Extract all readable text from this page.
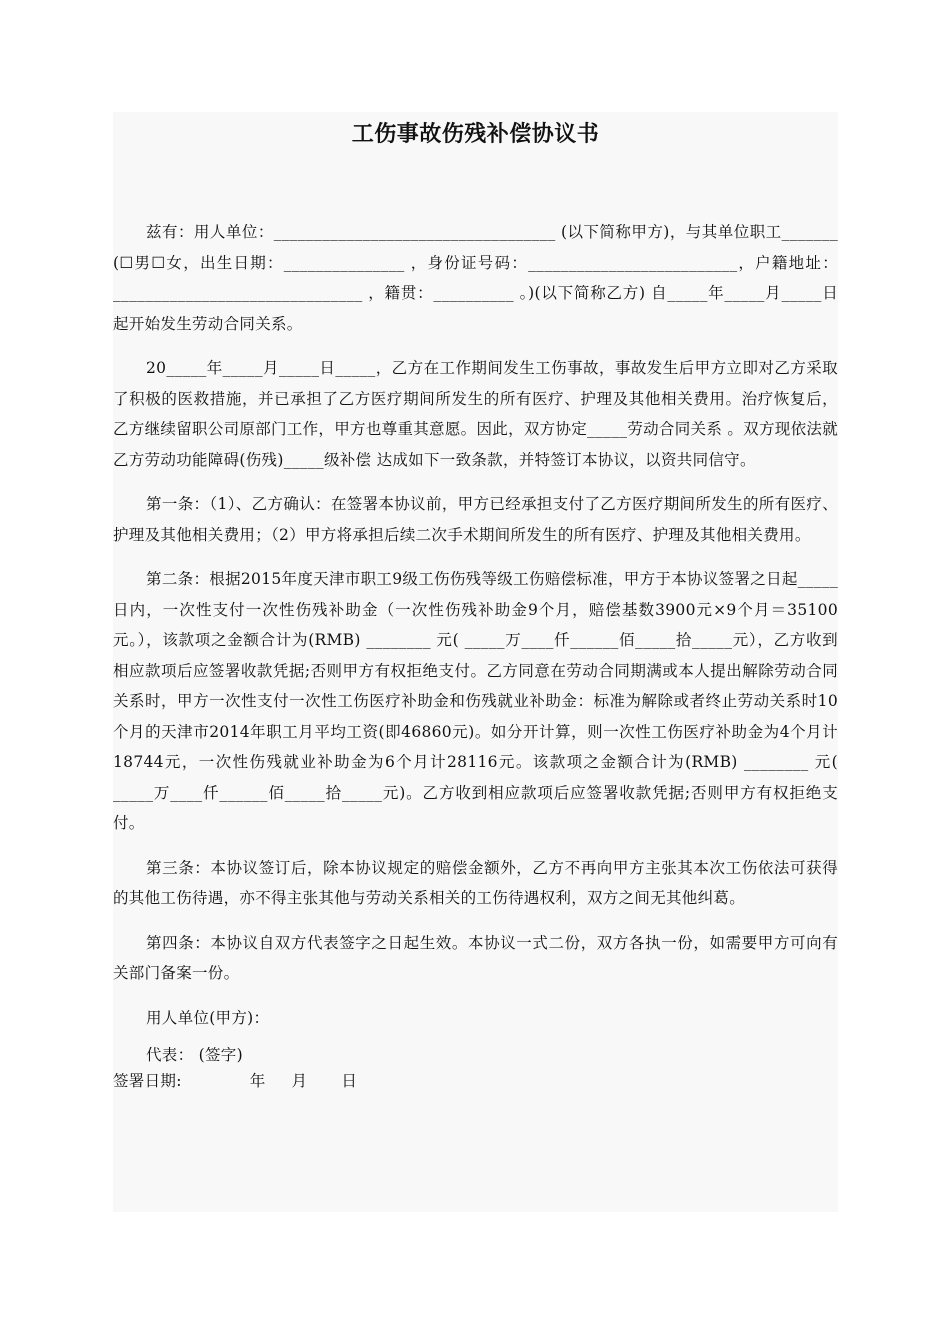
工伤事故伤残补偿协议书

兹有：用人单位：___________________________________ (以下简称甲方)，与其单位职工_______ (☐男☐女，出生日期：_______________ ，身份证号码：__________________________，户籍地址：_______________________________ ，籍贯：__________ 。)(以下简称乙方) 自_____年_____月_____日起开始发生劳动合同关系。

20_____年_____月_____日_____，乙方在工作期间发生工伤事故，事故发生后甲方立即对乙方采取了积极的医救措施，并已承担了乙方医疗期间所发生的所有医疗、护理及其他相关费用。治疗恢复后，乙方继续留职公司原部门工作，甲方也尊重其意愿。因此，双方协定_____劳动合同关系 。双方现依法就 乙方劳动功能障碍(伤残)_____级补偿 达成如下一致条款，并特签订本协议，以资共同信守。

第一条：（1）、乙方确认：在签署本协议前，甲方已经承担支付了乙方医疗期间所发生的所有医疗、护理及其他相关费用；（2）甲方将承担后续二次手术期间所发生的所有医疗、护理及其他相关费用。

第二条：根据2015年度天津市职工9级工伤伤残等级工伤赔偿标准，甲方于本协议签署之日起_____ 日内，一次性支付一次性伤残补助金（一次性伤残补助金9个月，赔偿基数3900元×9个月＝35100元。），该款项之金额合计为(RMB) ________ 元( _____万____仟______佰_____拾_____元），乙方收到相应款项后应签署收款凭据;否则甲方有权拒绝支付。乙方同意在劳动合同期满或本人提出解除劳动合同关系时，甲方一次性支付一次性工伤医疗补助金和伤残就业补助金：标准为解除或者终止劳动关系时10个月的天津市2014年职工月平均工资(即46860元)。如分开计算，则一次性工伤医疗补助金为4个月计18744元，一次性伤残就业补助金为6个月计28116元。该款项之金额合计为(RMB) ________ 元( _____万____仟______佰_____拾_____元)。乙方收到相应款项后应签署收款凭据;否则甲方有权拒绝支付。

第三条：本协议签订后，除本协议规定的赔偿金额外，乙方不再向甲方主张其本次工伤依法可获得的其他工伤待遇，亦不得主张其他与劳动关系相关的工伤待遇权利，双方之间无其他纠葛。

第四条：本协议自双方代表签字之日起生效。本协议一式二份，双方各执一份，如需要甲方可向有关部门备案一份。

用人单位(甲方)：

代表： (签字)

签署日期:	年 月 日
